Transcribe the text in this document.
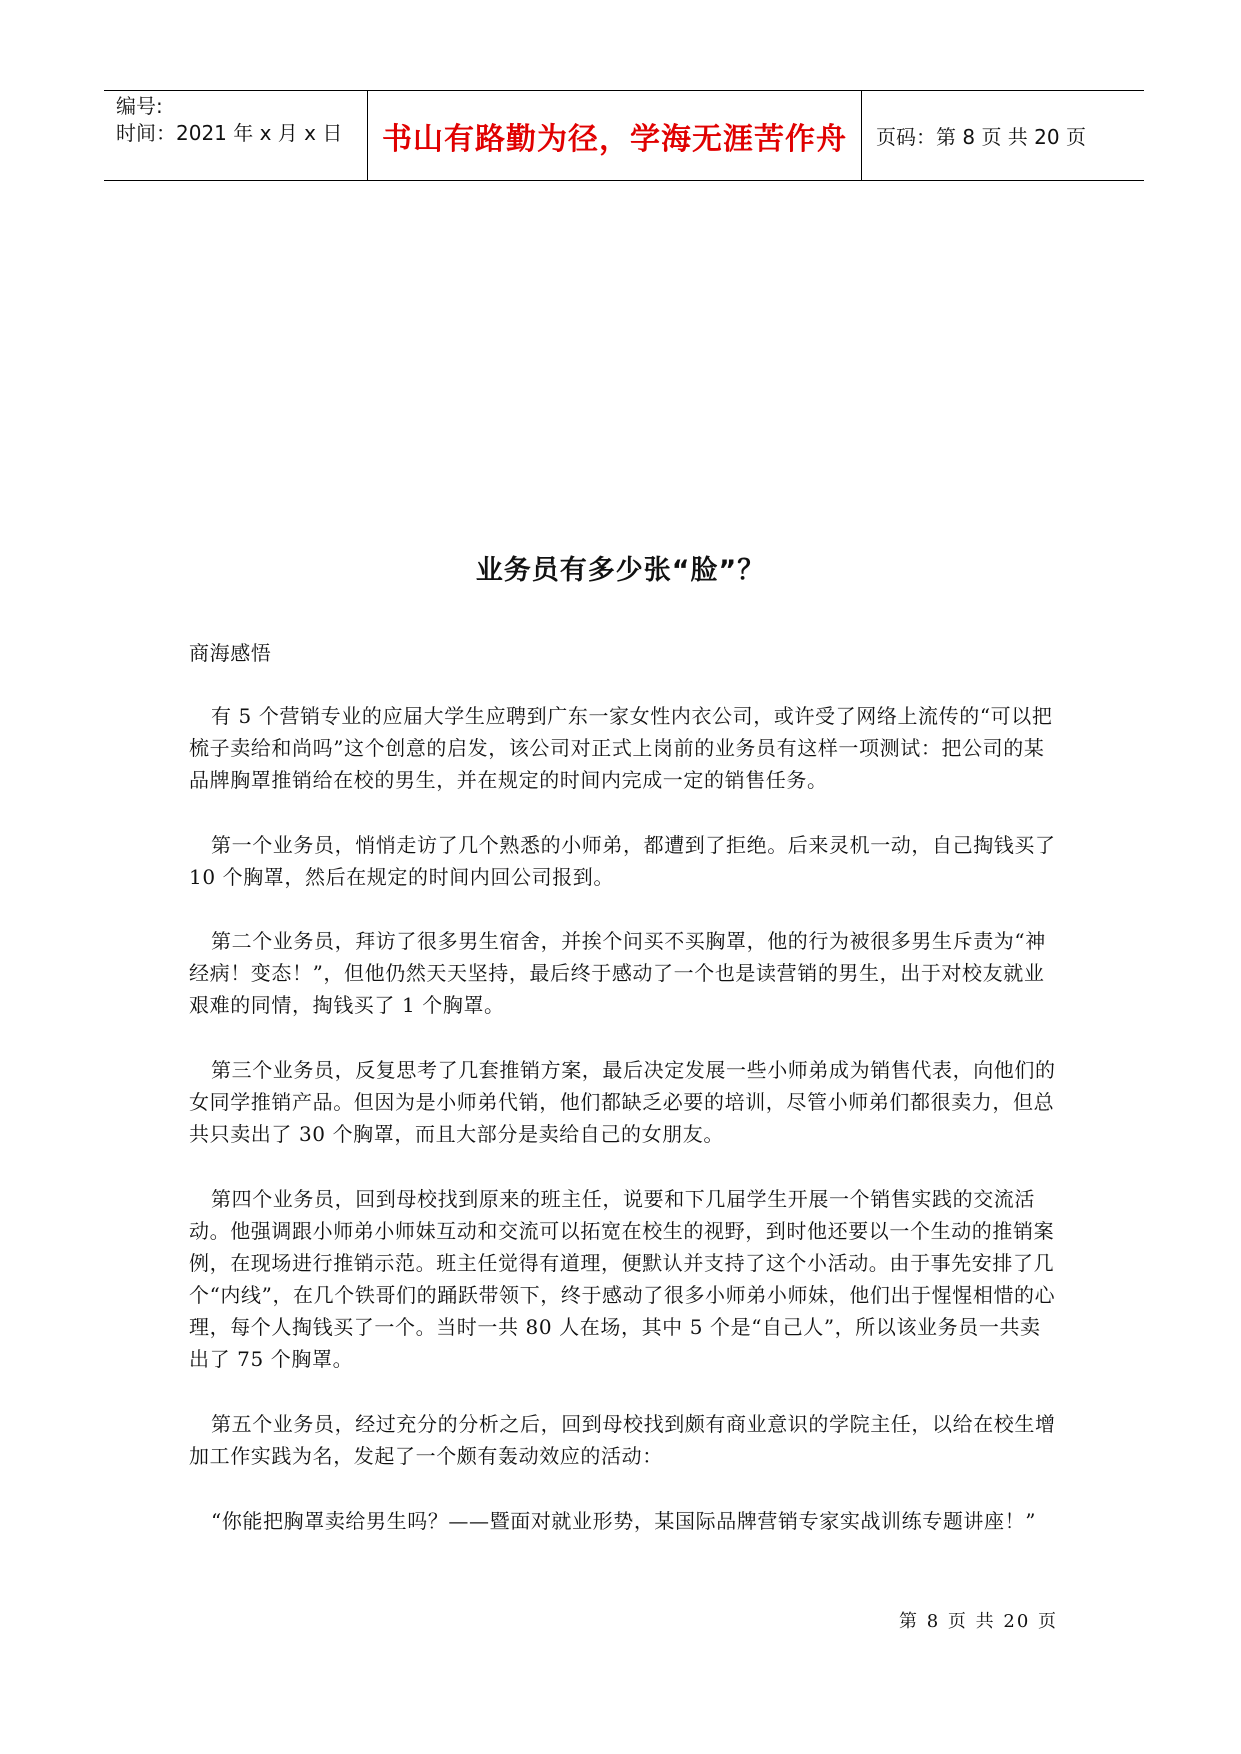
编号:
时间：2021 年 x 月 x 日	书山有路勤为径，学海无涯苦作舟	页码：第 8 页 共 20 页
业务员有多少张“脸”？
商海感悟
有 5 个营销专业的应届大学生应聘到广东一家女性内衣公司，或许受了网络上流传的“可以把梳子卖给和尚吗”这个创意的启发，该公司对正式上岗前的业务员有这样一项测试：把公司的某品牌胸罩推销给在校的男生，并在规定的时间内完成一定的销售任务。
第一个业务员，悄悄走访了几个熟悉的小师弟，都遭到了拒绝。后来灵机一动，自己掏钱买了 10 个胸罩，然后在规定的时间内回公司报到。
第二个业务员，拜访了很多男生宿舍，并挨个问买不买胸罩，他的行为被很多男生斥责为“神经病！变态！”，但他仍然天天坚持，最后终于感动了一个也是读营销的男生，出于对校友就业艰难的同情，掏钱买了 1 个胸罩。
第三个业务员，反复思考了几套推销方案，最后决定发展一些小师弟成为销售代表，向他们的女同学推销产品。但因为是小师弟代销，他们都缺乏必要的培训，尽管小师弟们都很卖力，但总共只卖出了 30 个胸罩，而且大部分是卖给自己的女朋友。
第四个业务员，回到母校找到原来的班主任，说要和下几届学生开展一个销售实践的交流活动。他强调跟小师弟小师妹互动和交流可以拓宽在校生的视野，到时他还要以一个生动的推销案例，在现场进行推销示范。班主任觉得有道理，便默认并支持了这个小活动。由于事先安排了几个“内线”，在几个铁哥们的踊跃带领下，终于感动了很多小师弟小师妹，他们出于惺惺相惜的心理，每个人掏钱买了一个。当时一共 80 人在场，其中 5 个是“自己人”，所以该业务员一共卖出了 75 个胸罩。
第五个业务员，经过充分的分析之后，回到母校找到颇有商业意识的学院主任，以给在校生增加工作实践为名，发起了一个颇有轰动效应的活动：
“你能把胸罩卖给男生吗？——暨面对就业形势，某国际品牌营销专家实战训练专题讲座！”
第 8 页 共 20 页
